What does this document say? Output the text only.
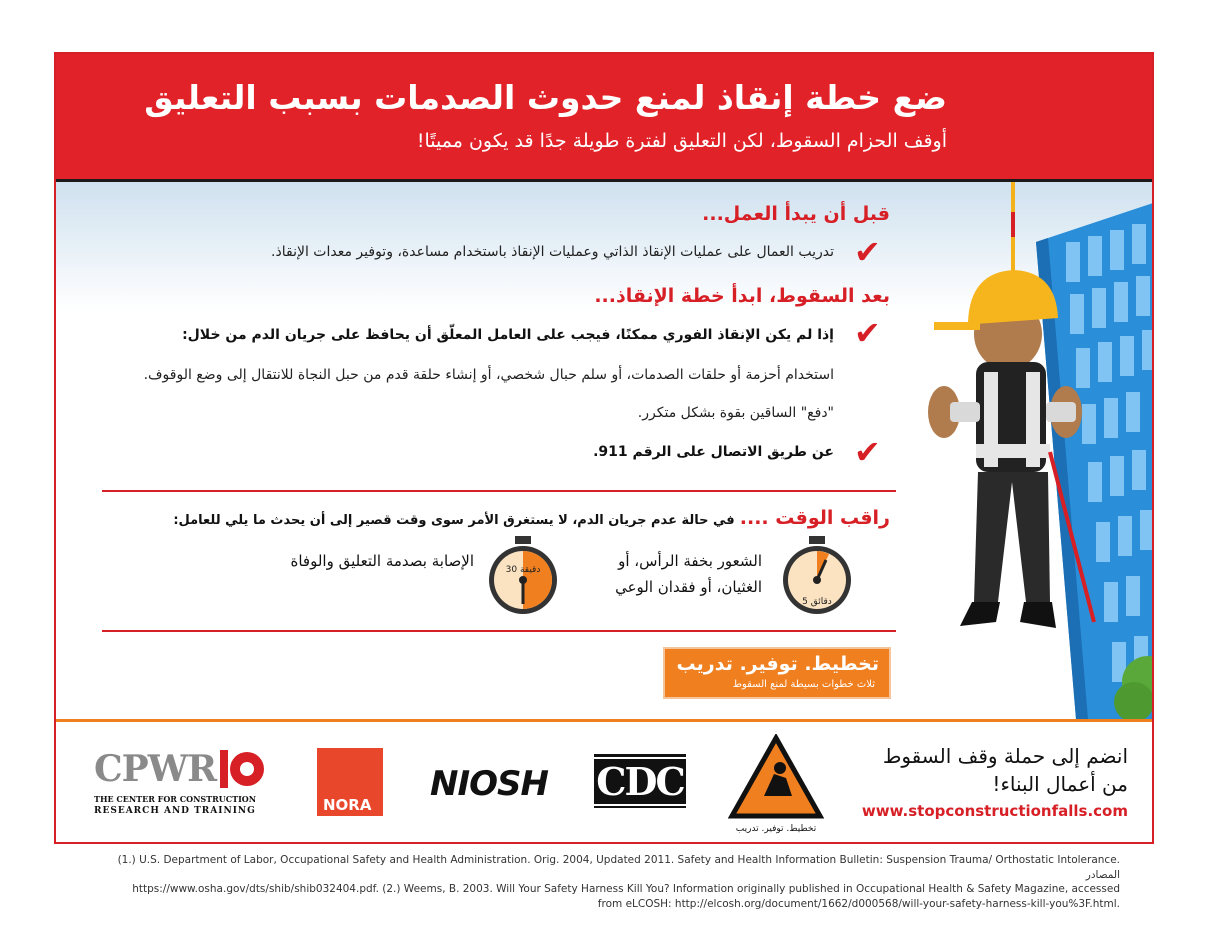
ضع خطة إنقاذ لمنع حدوث الصدمات بسبب التعليق
أوقف الحزام السقوط، لكن التعليق لفترة طويلة جدًا قد يكون مميتًا!
قبل أن يبدأ العمل...
✔
تدريب العمال على عمليات الإنقاذ الذاتي وعمليات الإنقاذ باستخدام مساعدة، وتوفير معدات الإنقاذ.
بعد السقوط، ابدأ خطة الإنقاذ...
✔
إذا لم يكن الإنقاذ الفوري ممكنًا، فيجب على العامل المعلّق أن يحافظ على جريان الدم من خلال:
استخدام أحزمة أو حلقات الصدمات، أو سلم حبال شخصي، أو إنشاء حلقة قدم من حبل النجاة للانتقال إلى وضع الوقوف.
"دفع" الساقين بقوة بشكل متكرر.
✔
عن طريق الاتصال على الرقم 911.
راقب الوقت .... في حالة عدم جريان الدم، لا يستغرق الأمر سوى وقت قصير إلى أن يحدث ما يلي للعامل:
5 دقائق
الشعور بخفة الرأس، أو
الغثيان، أو فقدان الوعي
30 دقيقة
الإصابة بصدمة التعليق والوفاة
تخطيط. توفير. تدريب
ثلاث خطوات بسيطة لمنع السقوط
انضم إلى حملة وقف السقوط
من أعمال البناء!
www.stopconstructionfalls.com
تخطيط. توفير. تدريب
CDC
NIOSH
NORA
CPWR
THE CENTER FOR CONSTRUCTION
RESEARCH AND TRAINING
(1.) U.S. Department of Labor, Occupational Safety and Health Administration. Orig. 2004, Updated 2011. Safety and Health Information Bulletin: Suspension Trauma/ Orthostatic Intolerance. المصادر
https://www.osha.gov/dts/shib/shib032404.pdf. (2.) Weems, B. 2003. Will Your Safety Harness Kill You? Information originally published in Occupational Health & Safety Magazine, accessed
from eLCOSH: http://elcosh.org/document/1662/d000568/will-your-safety-harness-kill-you%3F.html.
